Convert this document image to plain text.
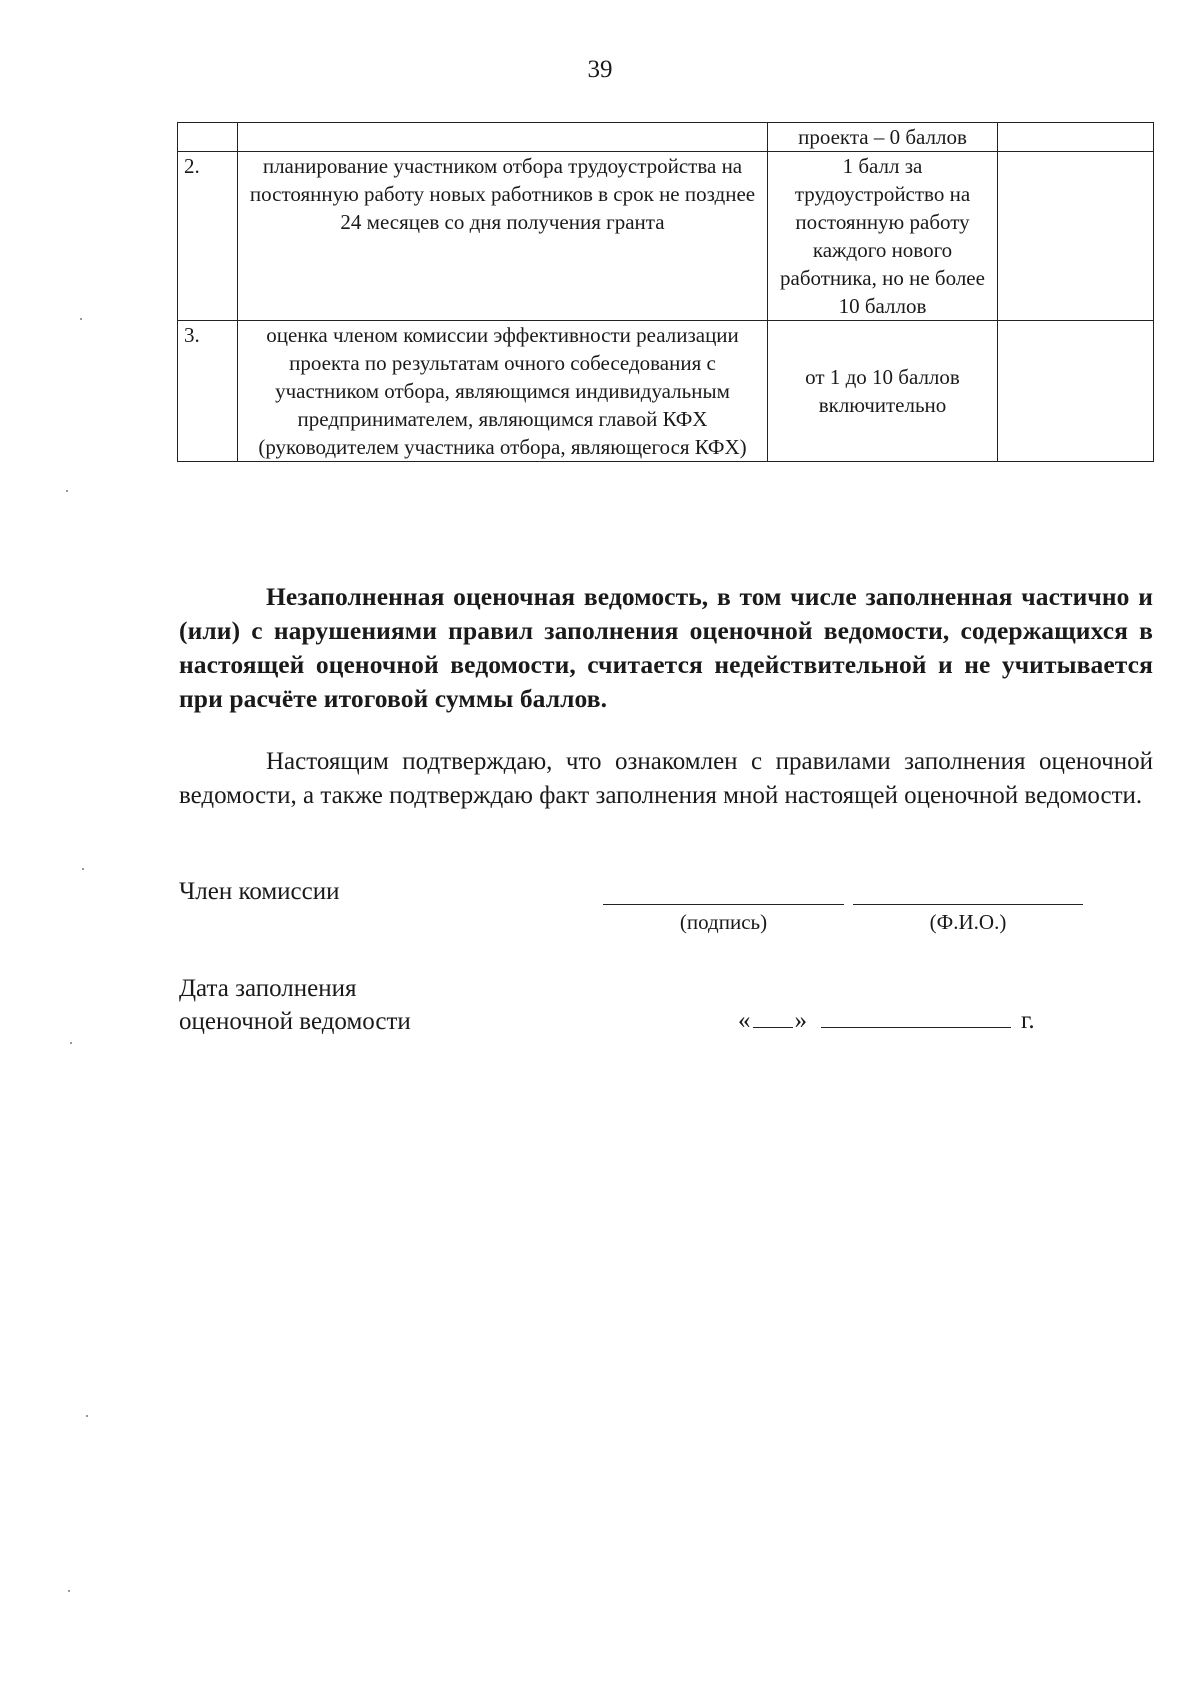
39
		проекта – 0 баллов	
2.	планирование участником отбора трудоустройства на постоянную работу новых работников в срок не позднее 24 месяцев со дня получения гранта	1 балл за трудоустройство на постоянную работу каждого нового работника, но не более 10 баллов	
3.	оценка членом комиссии эффективности реализации проекта по результатам очного собеседования с участником отбора, являющимся индивидуальным предпринимателем, являющимся главой КФХ (руководителем участника отбора, являющегося КФХ)	от 1 до 10 баллов включительно	
Незаполненная оценочная ведомость, в том числе заполненная частично и (или) с нарушениями правил заполнения оценочной ведомости, содержащихся в настоящей оценочной ведомости, считается недействительной и не учитывается при расчёте итоговой суммы баллов.
Настоящим подтверждаю, что ознакомлен с правилами заполнения оценочной ведомости, а также подтверждаю факт заполнения мной настоящей оценочной ведомости.
Член комиссии
(подпись)	(Ф.И.О.)
Дата заполнения
оценочной ведомости	« »	г.
